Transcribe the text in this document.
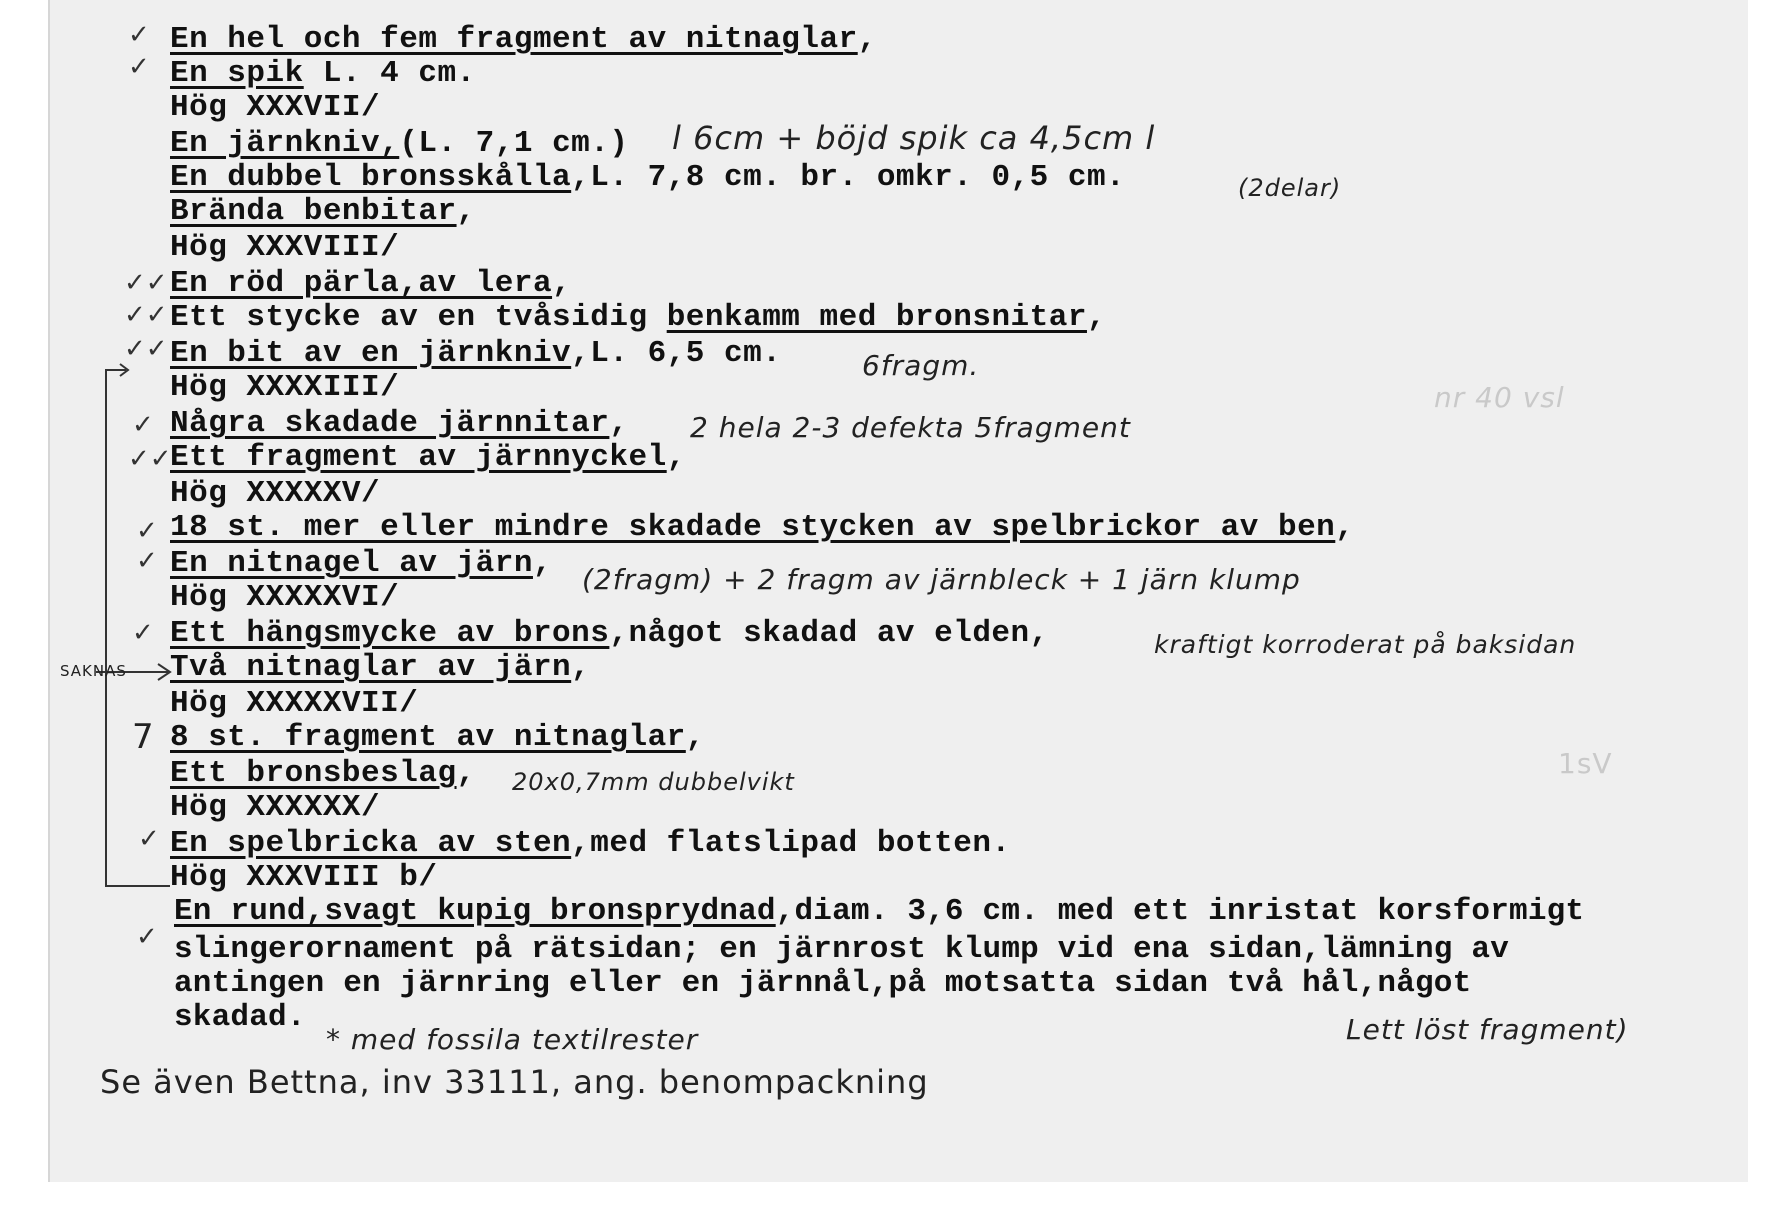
En hel och fem fragment av nitnaglar,
En spik L. 4 cm.
Hög XXXVII/
En järnkniv,(L. 7,1 cm.)
En dubbel bronsskålla,L. 7,8 cm. br. omkr. 0,5 cm.
Brända benbitar,
Hög XXXVIII/
En röd pärla,av lera,
Ett stycke av en tvåsidig benkamm med bronsnitar,
En bit av en järnkniv,L. 6,5 cm.
Hög XXXXIII/
Några skadade järnnitar,
Ett fragment av järnnyckel,
Hög XXXXXV/
18 st. mer eller mindre skadade stycken av spelbrickor av ben,
En nitnagel av järn,
Hög XXXXXVI/
Ett hängsmycke av brons,något skadad av elden,
Två nitnaglar av järn,
Hög XXXXXVII/
8 st. fragment av nitnaglar,
Ett bronsbeslag,
Hög XXXXXX/
En spelbricka av sten,med flatslipad botten.
Hög XXXVIII b/
En rund,svagt kupig bronsprydnad,diam. 3,6 cm. med ett inristat korsformigt
slingerornament på rätsidan; en järnrost klump vid ena sidan,lämning av
antingen en järnring eller en järnnål,på motsatta sidan två hål,något
skadad.
✓
✓
✓✓
✓✓
✓✓
✓
✓✓
✓
✓
✓
✓
✓
l 6cm + böjd spik ca 4,5cm l
(2delar)
6fragm.
2 hela 2-3 defekta 5fragment
(2fragm) + 2 fragm av järnbleck + 1 järn klump
kraftigt korroderat på baksidan
SAKNAS
7
20x0,7mm dubbelvikt
* med fossila textilrester	Lett löst fragment)
Se även Bettna, inv 33111, ang. benompackning
nr 40 vsl
1sV
